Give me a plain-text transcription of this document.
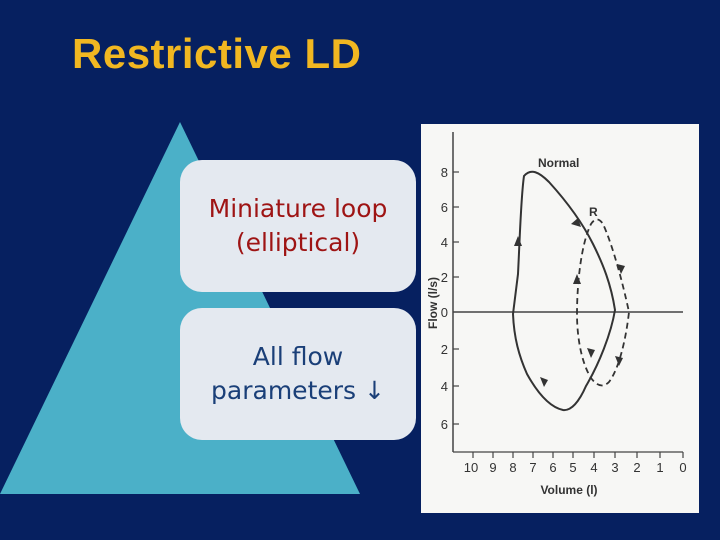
Restrictive LD
Miniature loop
(elliptical)
All flow
parameters ↓
8
6
4
2
0
2
4
6
Flow (l/s)
10 9 8 7 6 5 4 3 2 1 0
Volume (l)
Normal
R
